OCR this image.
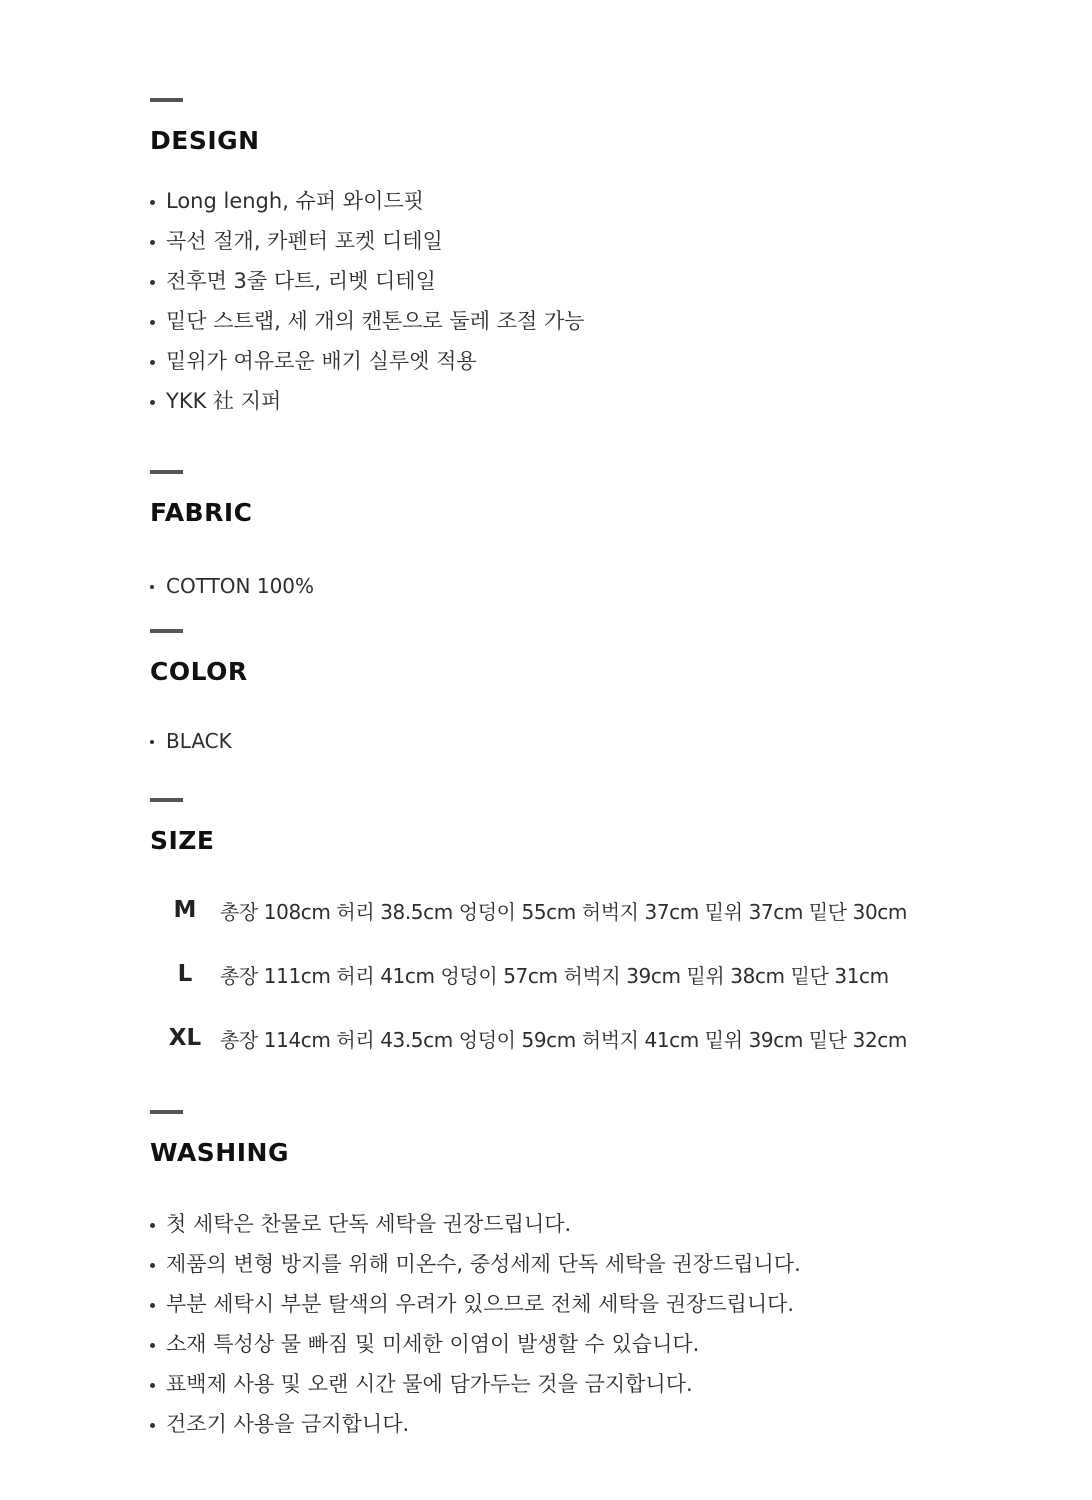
DESIGN
Long lengh, 슈퍼 와이드핏
곡선 절개, 카펜터 포켓 디테일
전후면 3줄 다트, 리벳 디테일
밑단 스트랩, 세 개의 캔톤으로 둘레 조절 가능
밑위가 여유로운 배기 실루엣 적용
YKK 社 지퍼
FABRIC
COTTON 100%
COLOR
BLACK
SIZE
M	총장 108cm 허리 38.5cm 엉덩이 55cm 허벅지 37cm 밑위 37cm 밑단 30cm
L	총장 111cm 허리 41cm 엉덩이 57cm 허벅지 39cm 밑위 38cm 밑단 31cm
XL 총장 114cm 허리 43.5cm 엉덩이 59cm 허벅지 41cm 밑위 39cm 밑단 32cm
WASHING
첫 세탁은 찬물로 단독 세탁을 권장드립니다.
제품의 변형 방지를 위해 미온수, 중성세제 단독 세탁을 권장드립니다.
부분 세탁시 부분 탈색의 우려가 있으므로 전체 세탁을 권장드립니다.
소재 특성상 물 빠짐 및 미세한 이염이 발생할 수 있습니다.
표백제 사용 및 오랜 시간 물에 담가두는 것을 금지합니다.
건조기 사용을 금지합니다.
